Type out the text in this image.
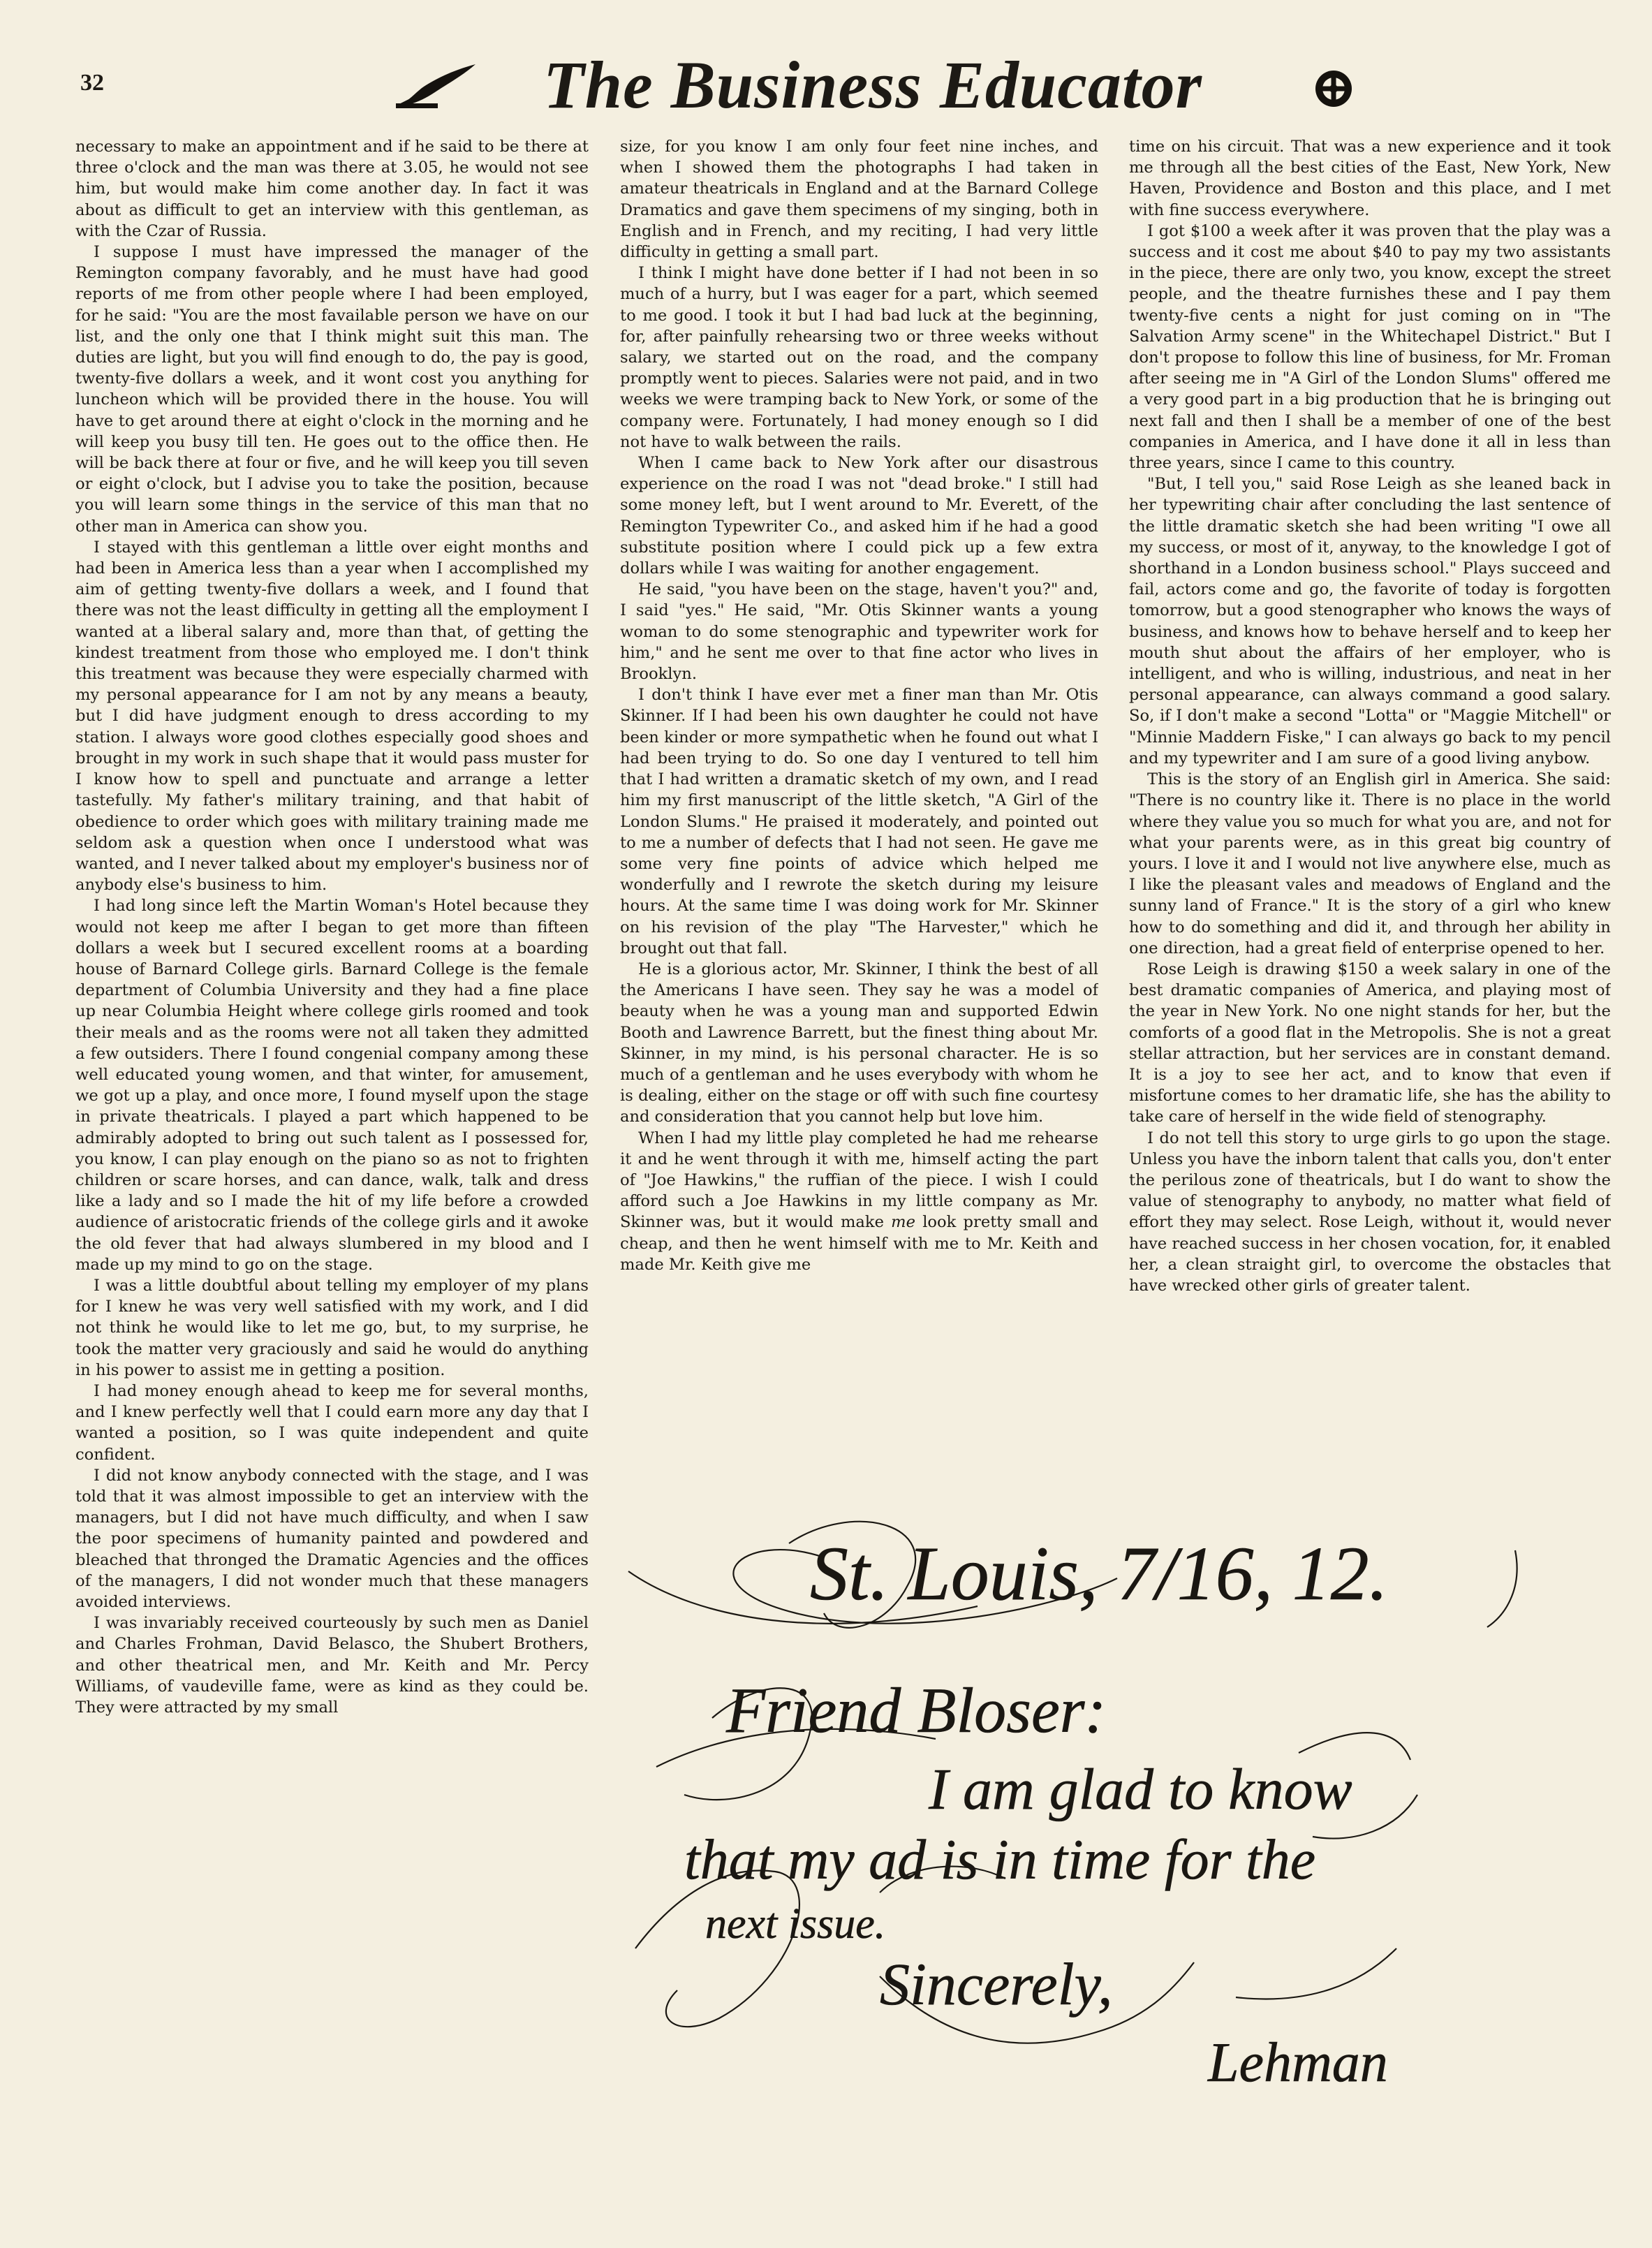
32	The Business Educator

necessary to make an appointment and if he said to be there at three o'clock and the man was there at 3.05, he would not see him, but would make him come another day. In fact it was about as difficult to get an interview with this gentleman, as with the Czar of Russia.

I suppose I must have impressed the manager of the Remington company favorably, and he must have had good reports of me from other people where I had been employed, for he said: "You are the most favailable person we have on our list, and the only one that I think might suit this man. The duties are light, but you will find enough to do, the pay is good, twenty-five dollars a week, and it wont cost you anything for luncheon which will be provided there in the house. You will have to get around there at eight o'clock in the morning and he will keep you busy till ten. He goes out to the office then. He will be back there at four or five, and he will keep you till seven or eight o'clock, but I advise you to take the position, because you will learn some things in the service of this man that no other man in America can show you.

I stayed with this gentleman a little over eight months and had been in America less than a year when I accomplished my aim of getting twenty-five dollars a week, and I found that there was not the least difficulty in getting all the employment I wanted at a liberal salary and, more than that, of getting the kindest treatment from those who employed me. I don't think this treatment was because they were especially charmed with my personal appearance for I am not by any means a beauty, but I did have judgment enough to dress according to my station. I always wore good clothes especially good shoes and brought in my work in such shape that it would pass muster for I know how to spell and punctuate and arrange a letter tastefully. My father's military training, and that habit of obedience to order which goes with military training made me seldom ask a question when once I understood what was wanted, and I never talked about my employer's business nor of anybody else's business to him.

I had long since left the Martin Woman's Hotel because they would not keep me after I began to get more than fifteen dollars a week but I secured excellent rooms at a boarding house of Barnard College girls. Barnard College is the female department of Columbia University and they had a fine place up near Columbia Height where college girls roomed and took their meals and as the rooms were not all taken they admitted a few outsiders. There I found congenial company among these well educated young women, and that winter, for amusement, we got up a play, and once more, I found myself upon the stage in private theatricals. I played a part which happened to be admirably adopted to bring out such talent as I possessed for, you know, I can play enough on the piano so as not to frighten children or scare horses, and can dance, walk, talk and dress like a lady and so I made the hit of my life before a crowded audience of aristocratic friends of the college girls and it awoke the old fever that had always slumbered in my blood and I made up my mind to go on the stage.

I was a little doubtful about telling my employer of my plans for I knew he was very well satisfied with my work, and I did not think he would like to let me go, but, to my surprise, he took the matter very graciously and said he would do anything in his power to assist me in getting a position.

I had money enough ahead to keep me for several months, and I knew perfectly well that I could earn more any day that I wanted a position, so I was quite independent and quite confident.

I did not know anybody connected with the stage, and I was told that it was almost impossible to get an interview with the managers, but I did not have much difficulty, and when I saw the poor specimens of humanity painted and powdered and bleached that thronged the Dramatic Agencies and the offices of the managers, I did not wonder much that these managers avoided interviews.

I was invariably received courteously by such men as Daniel and Charles Frohman, David Belasco, the Shubert Brothers, and other theatrical men, and Mr. Keith and Mr. Percy Williams, of vaudeville fame, were as kind as they could be. They were attracted by my small

size, for you know I am only four feet nine inches, and when I showed them the photographs I had taken in amateur theatricals in England and at the Barnard College Dramatics and gave them specimens of my singing, both in English and in French, and my reciting, I had very little difficulty in getting a small part.

I think I might have done better if I had not been in so much of a hurry, but I was eager for a part, which seemed to me good. I took it but I had bad luck at the beginning, for, after painfully rehearsing two or three weeks without salary, we started out on the road, and the company promptly went to pieces. Salaries were not paid, and in two weeks we were tramping back to New York, or some of the company were. Fortunately, I had money enough so I did not have to walk between the rails.

When I came back to New York after our disastrous experience on the road I was not "dead broke." I still had some money left, but I went around to Mr. Everett, of the Remington Typewriter Co., and asked him if he had a good substitute position where I could pick up a few extra dollars while I was waiting for another engagement.

He said, "you have been on the stage, haven't you?" and, I said "yes." He said, "Mr. Otis Skinner wants a young woman to do some stenographic and typewriter work for him," and he sent me over to that fine actor who lives in Brooklyn.

I don't think I have ever met a finer man than Mr. Otis Skinner. If I had been his own daughter he could not have been kinder or more sympathetic when he found out what I had been trying to do. So one day I ventured to tell him that I had written a dramatic sketch of my own, and I read him my first manuscript of the little sketch, "A Girl of the London Slums." He praised it moderately, and pointed out to me a number of defects that I had not seen. He gave me some very fine points of advice which helped me wonderfully and I rewrote the sketch during my leisure hours. At the same time I was doing work for Mr. Skinner on his revision of the play "The Harvester," which he brought out that fall.

He is a glorious actor, Mr. Skinner, I think the best of all the Americans I have seen. They say he was a model of beauty when he was a young man and supported Edwin Booth and Lawrence Barrett, but the finest thing about Mr. Skinner, in my mind, is his personal character. He is so much of a gentleman and he uses everybody with whom he is dealing, either on the stage or off with such fine courtesy and consideration that you cannot help but love him.

When I had my little play completed he had me rehearse it and he went through it with me, himself acting the part of "Joe Hawkins," the ruffian of the piece. I wish I could afford such a Joe Hawkins in my little company as Mr. Skinner was, but it would make me look pretty small and cheap, and then he went himself with me to Mr. Keith and made Mr. Keith give me

time on his circuit. That was a new experience and it took me through all the best cities of the East, New York, New Haven, Providence and Boston and this place, and I met with fine success everywhere.

I got $100 a week after it was proven that the play was a success and it cost me about $40 to pay my two assistants in the piece, there are only two, you know, except the street people, and the theatre furnishes these and I pay them twenty-five cents a night for just coming on in "The Salvation Army scene" in the Whitechapel District." But I don't propose to follow this line of business, for Mr. Froman after seeing me in "A Girl of the London Slums" offered me a very good part in a big production that he is bringing out next fall and then I shall be a member of one of the best companies in America, and I have done it all in less than three years, since I came to this country.

"But, I tell you," said Rose Leigh as she leaned back in her typewriting chair after concluding the last sentence of the little dramatic sketch she had been writing "I owe all my success, or most of it, anyway, to the knowledge I got of shorthand in a London business school." Plays succeed and fail, actors come and go, the favorite of today is forgotten tomorrow, but a good stenographer who knows the ways of business, and knows how to behave herself and to keep her mouth shut about the affairs of her employer, who is intelligent, and who is willing, industrious, and neat in her personal appearance, can always command a good salary. So, if I don't make a second "Lotta" or "Maggie Mitchell" or "Minnie Maddern Fiske," I can always go back to my pencil and my typewriter and I am sure of a good living anybow.

This is the story of an English girl in America. She said: "There is no country like it. There is no place in the world where they value you so much for what you are, and not for what your parents were, as in this great big country of yours. I love it and I would not live anywhere else, much as I like the pleasant vales and meadows of England and the sunny land of France." It is the story of a girl who knew how to do something and did it, and through her ability in one direction, had a great field of enterprise opened to her.

Rose Leigh is drawing $150 a week salary in one of the best dramatic companies of America, and playing most of the year in New York. No one night stands for her, but the comforts of a good flat in the Metropolis. She is not a great stellar attraction, but her services are in constant demand. It is a joy to see her act, and to know that even if misfortune comes to her dramatic life, she has the ability to take care of herself in the wide field of stenography.

I do not tell this story to urge girls to go upon the stage. Unless you have the inborn talent that calls you, don't enter the perilous zone of theatricals, but I do want to show the value of stenography to anybody, no matter what field of effort they may select. Rose Leigh, without it, would never have reached success in her chosen vocation, for, it enabled her, a clean straight girl, to overcome the obstacles that have wrecked other girls of greater talent.

St. Louis, 7/16, 12.
Friend Bloser:
I am glad to know
that my ad is in time for the
next issue.
Sincerely,
Lehman
